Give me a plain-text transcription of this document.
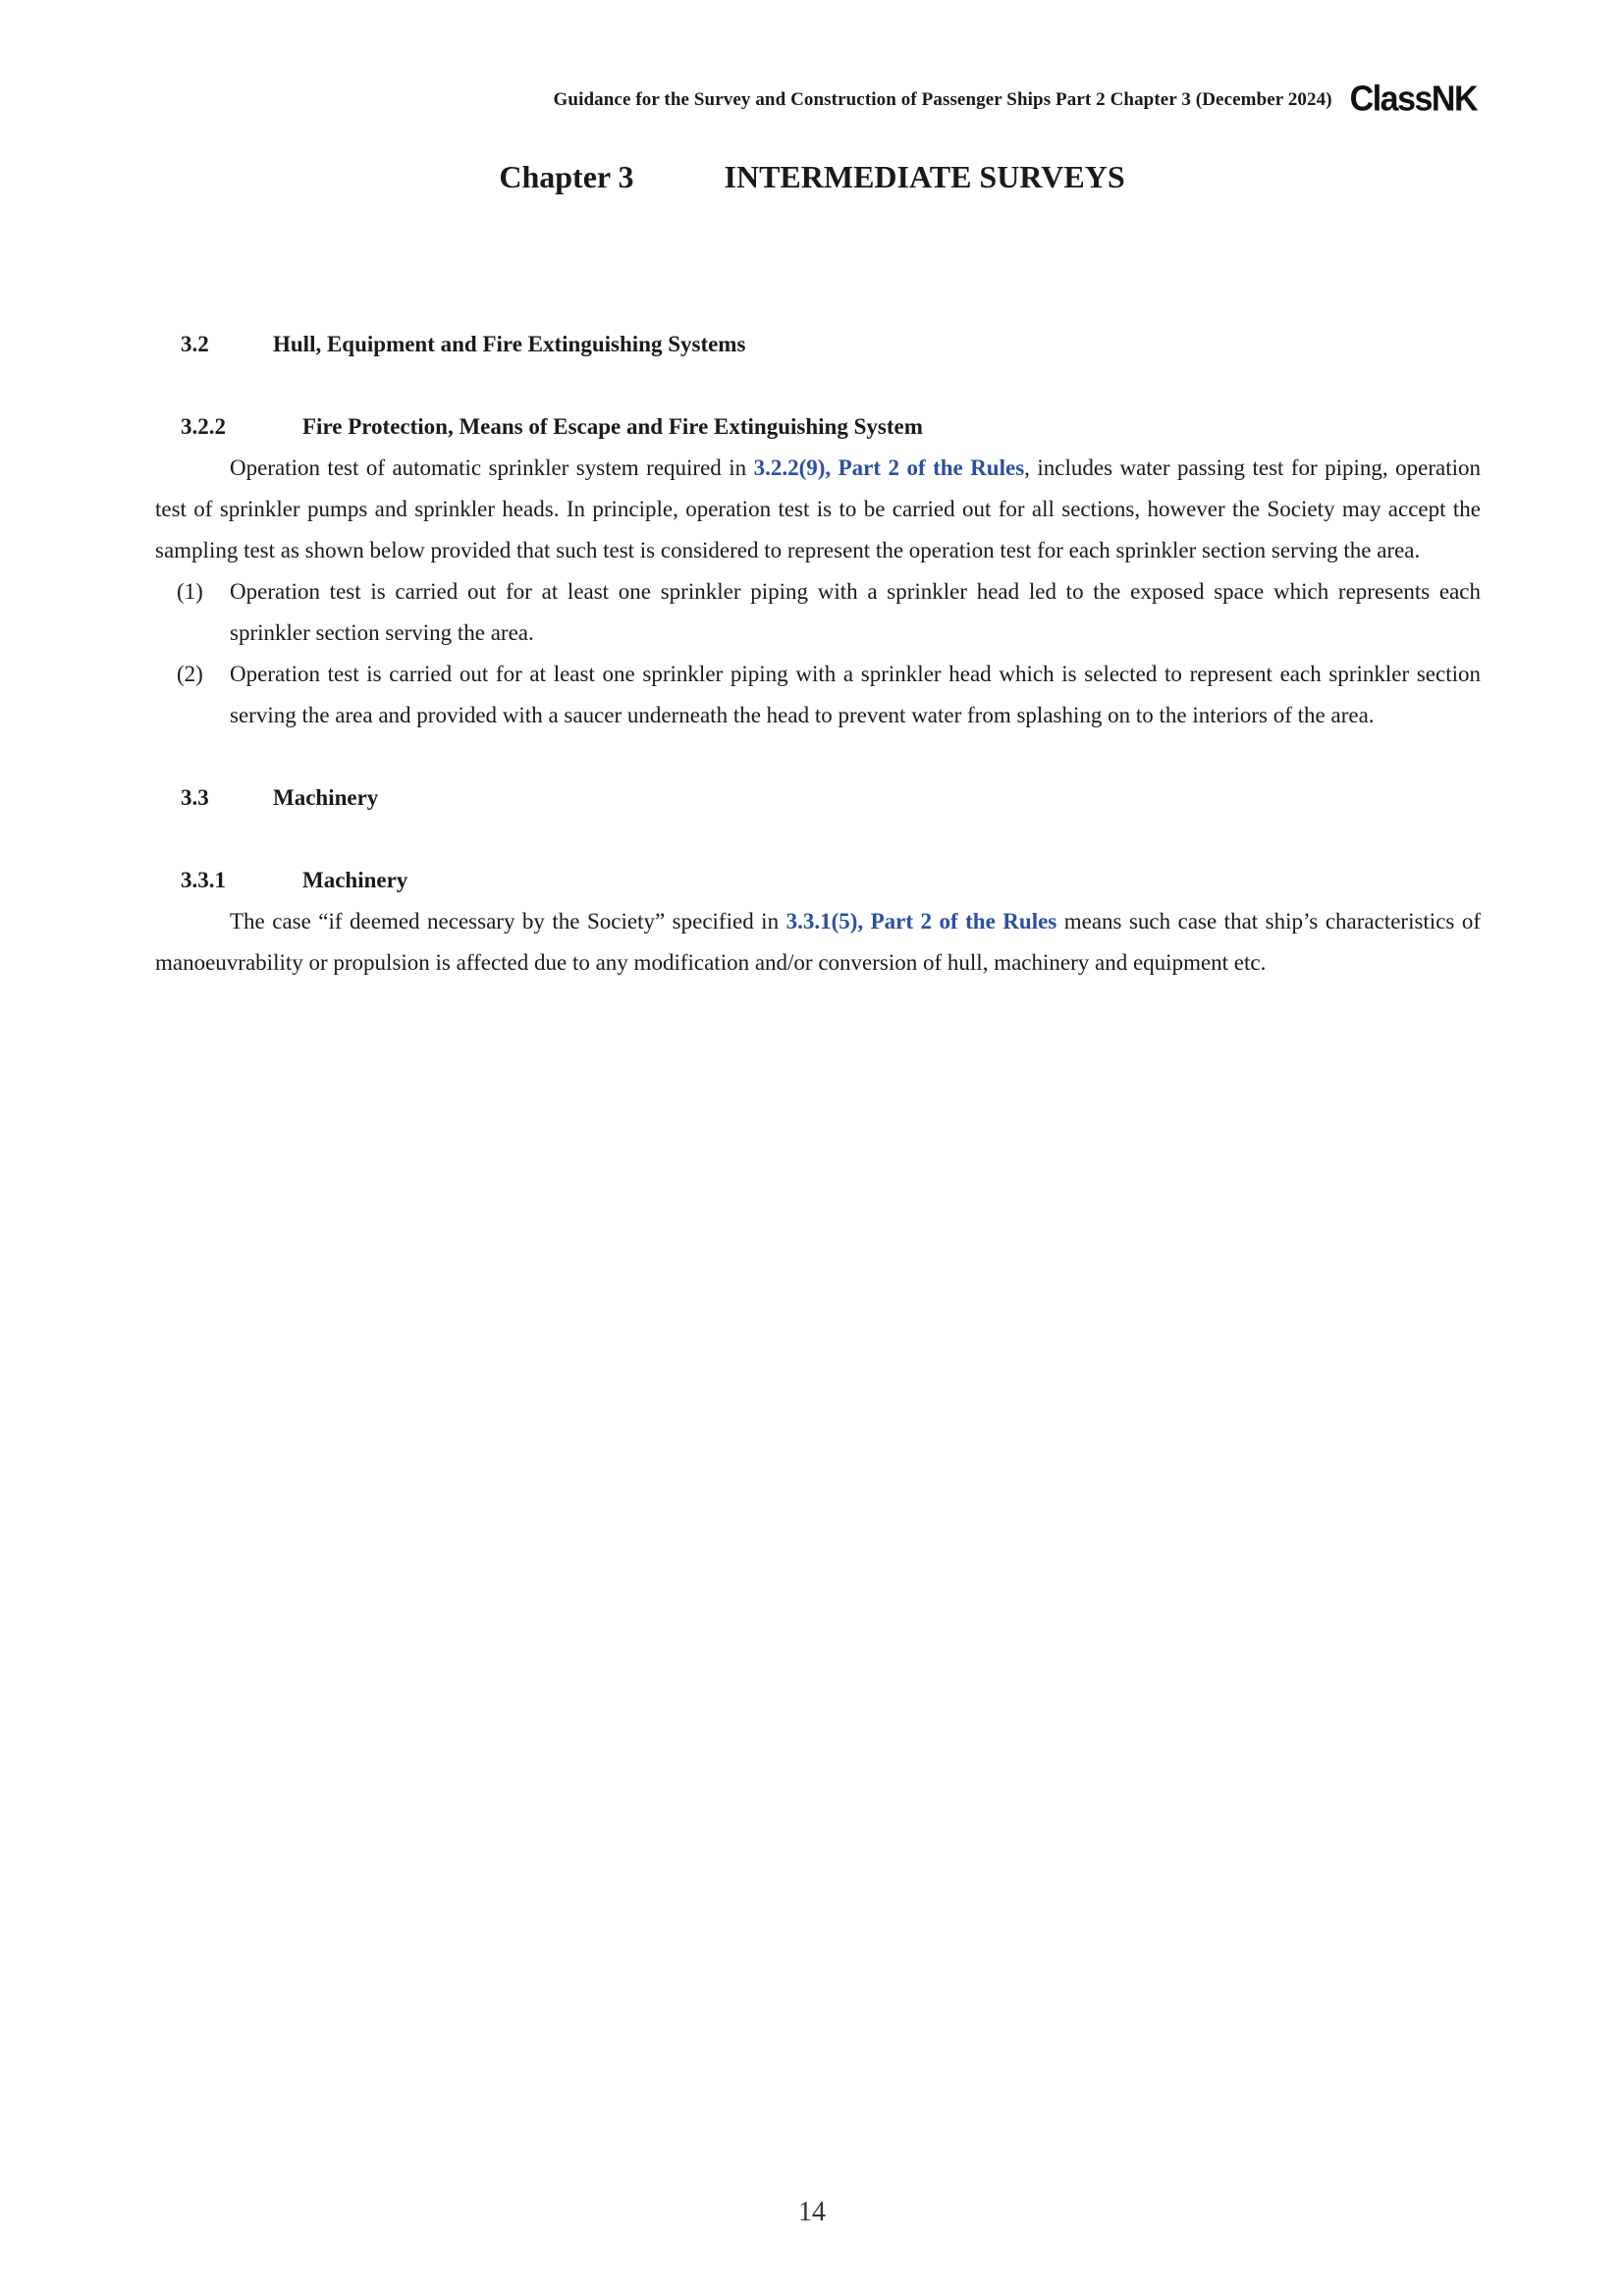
Guidance for the Survey and Construction of Passenger Ships Part 2 Chapter 3 (December 2024) ClassNK
Chapter 3	INTERMEDIATE SURVEYS
3.2	Hull, Equipment and Fire Extinguishing Systems
3.2.2	Fire Protection, Means of Escape and Fire Extinguishing System

Operation test of automatic sprinkler system required in 3.2.2(9), Part 2 of the Rules, includes water passing test for piping, operation test of sprinkler pumps and sprinkler heads. In principle, operation test is to be carried out for all sections, however the Society may accept the sampling test as shown below provided that such test is considered to represent the operation test for each sprinkler section serving the area.

(1)	Operation test is carried out for at least one sprinkler piping with a sprinkler head led to the exposed space which represents each sprinkler section serving the area.
(2)	Operation test is carried out for at least one sprinkler piping with a sprinkler head which is selected to represent each sprinkler section serving the area and provided with a saucer underneath the head to prevent water from splashing on to the interiors of the area.
3.3	Machinery
3.3.1	Machinery

The case “if deemed necessary by the Society” specified in 3.3.1(5), Part 2 of the Rules means such case that ship’s characteristics of manoeuvrability or propulsion is affected due to any modification and/or conversion of hull, machinery and equipment etc.

14
